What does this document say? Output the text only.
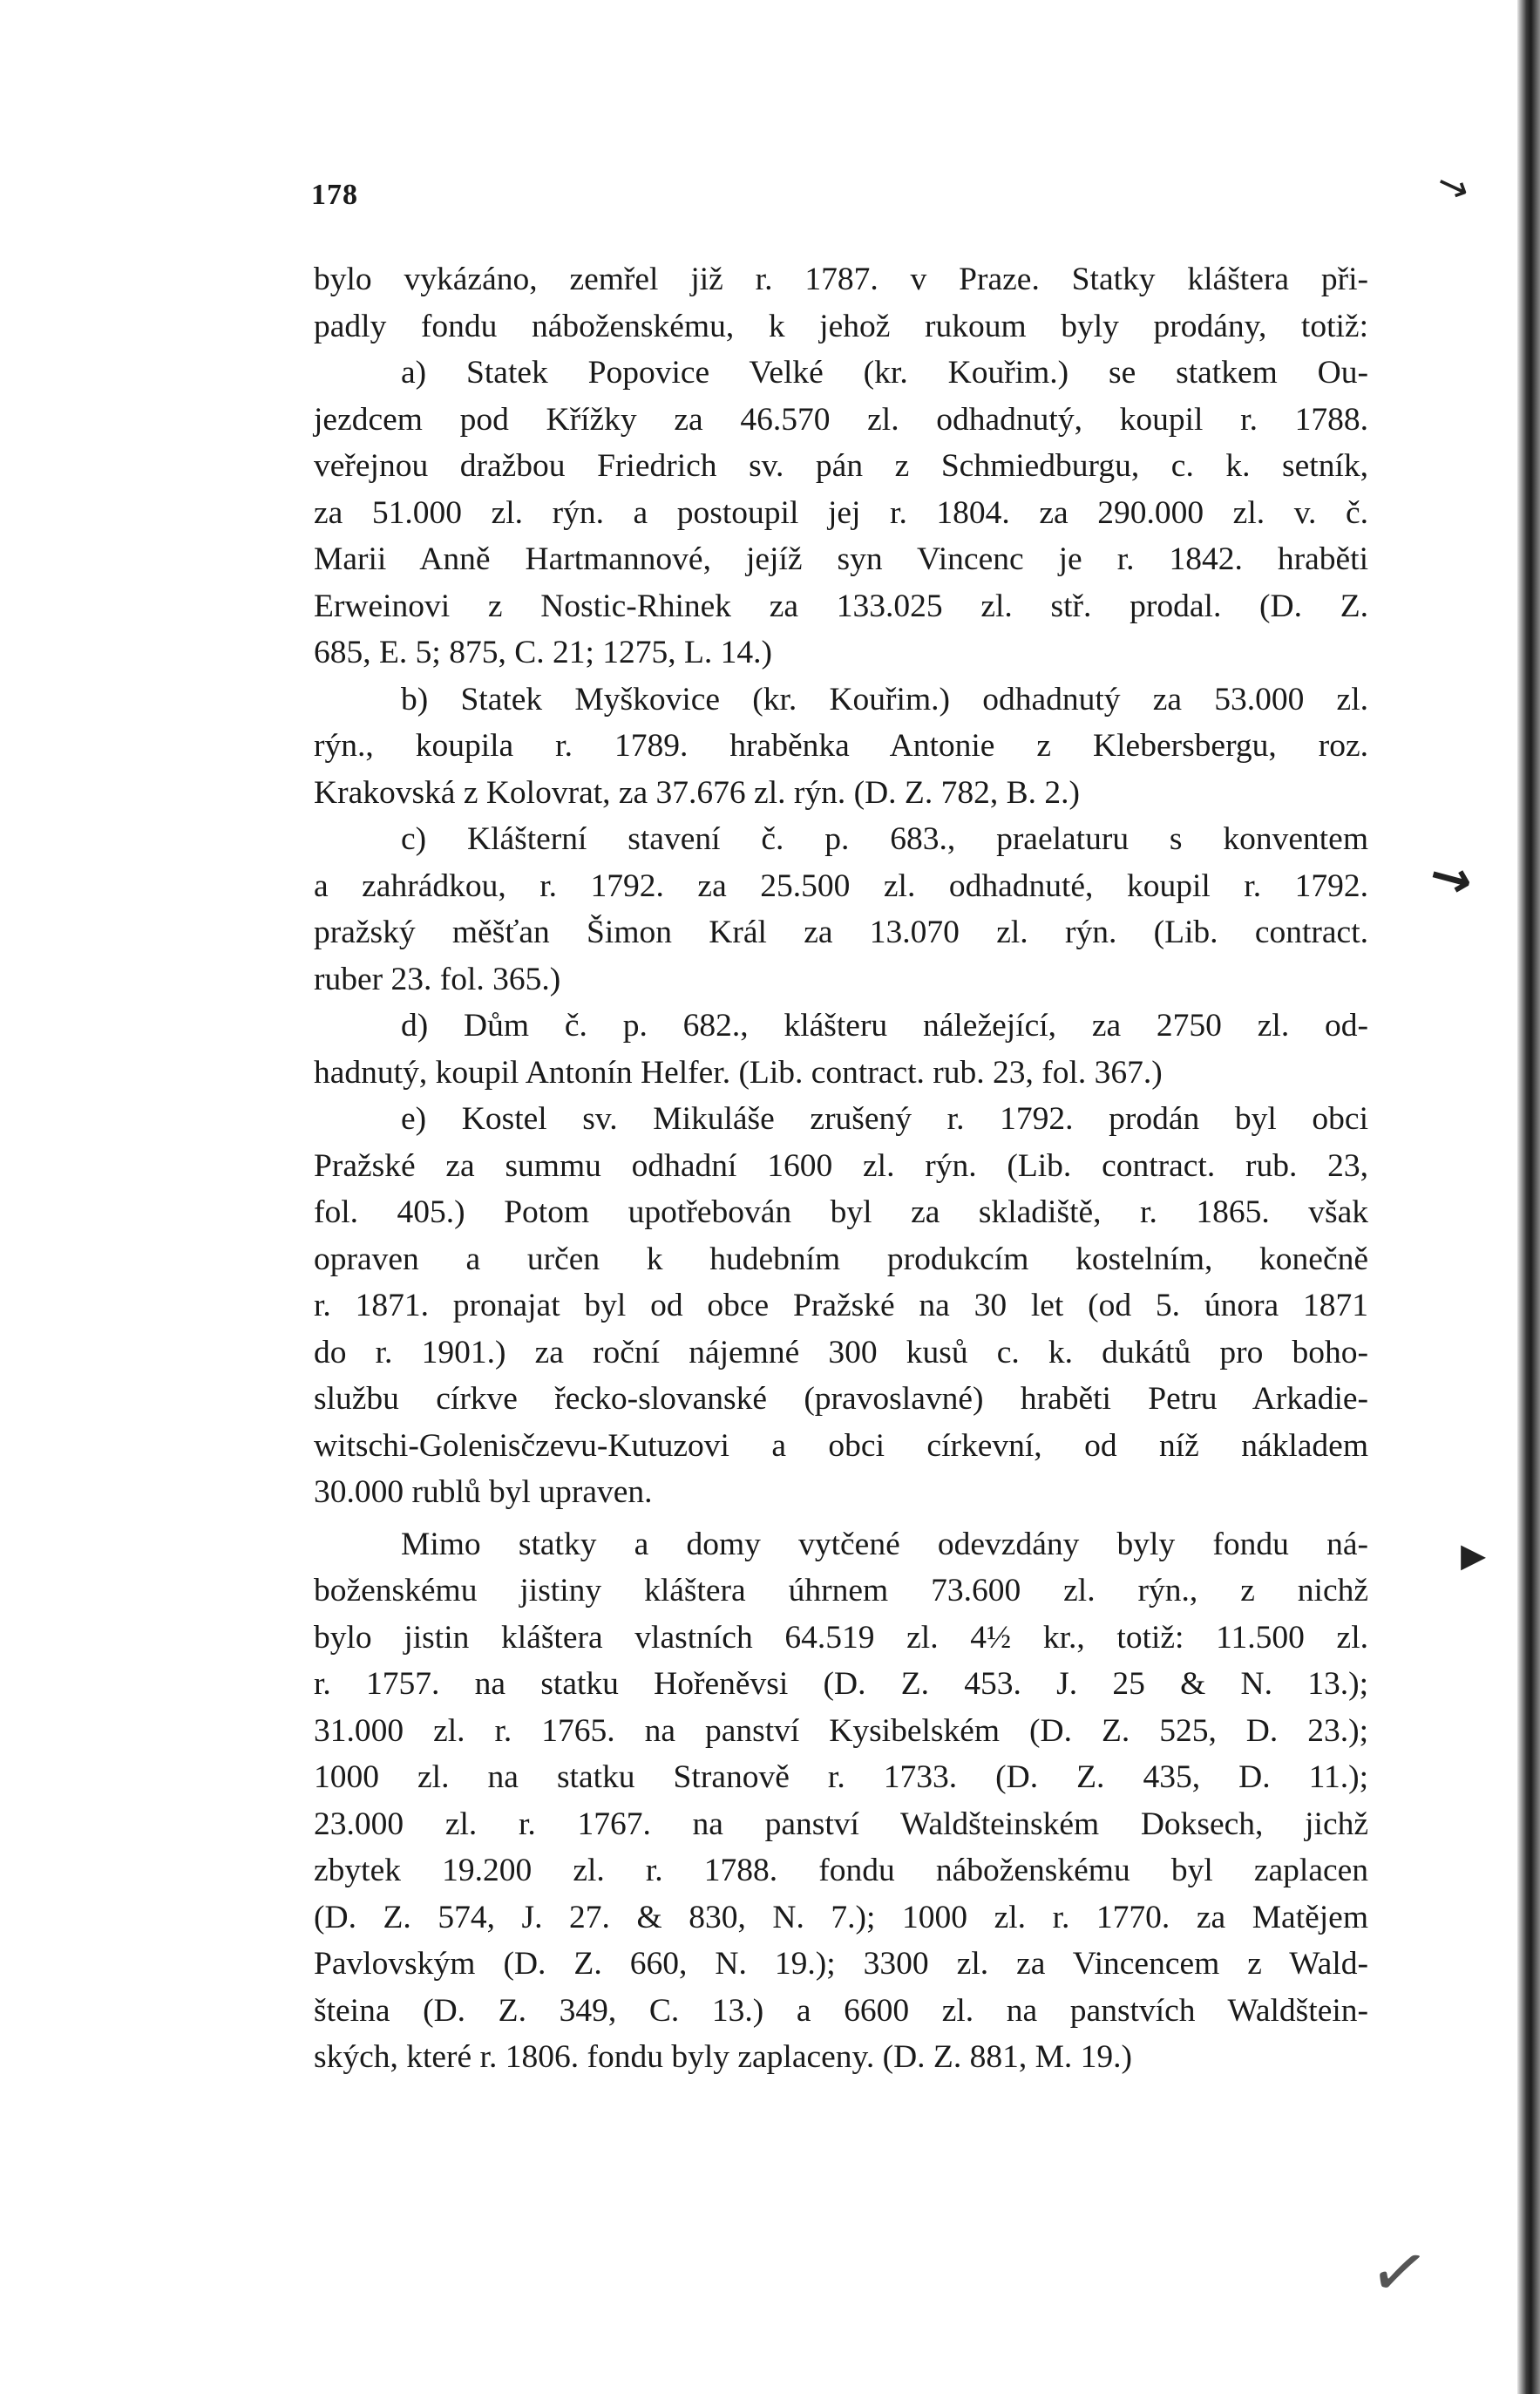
178
bylo vykázáno, zemřel již r. 1787. v Praze. Statky kláštera při-
padly fondu náboženskému, k jehož rukoum byly prodány, totiž:
a) Statek Popovice Velké (kr. Kouřim.) se statkem Ou-
jezdcem pod Křížky za 46.570 zl. odhadnutý, koupil r. 1788.
veřejnou dražbou Friedrich sv. pán z Schmiedburgu, c. k. setník,
za 51.000 zl. rýn. a postoupil jej r. 1804. za 290.000 zl. v. č.
Marii Anně Hartmannové, jejíž syn Vincenc je r. 1842. hraběti
Erweinovi z Nostic-Rhinek za 133.025 zl. stř. prodal. (D. Z.
685, E. 5; 875, C. 21; 1275, L. 14.)
b) Statek Myškovice (kr. Kouřim.) odhadnutý za 53.000 zl.
rýn., koupila r. 1789. hraběnka Antonie z Klebersbergu, roz.
Krakovská z Kolovrat, za 37.676 zl. rýn. (D. Z. 782, B. 2.)
c) Klášterní stavení č. p. 683., praelaturu s konventem
a zahrádkou, r. 1792. za 25.500 zl. odhadnuté, koupil r. 1792.
pražský měšťan Šimon Král za 13.070 zl. rýn. (Lib. contract.
ruber 23. fol. 365.)
d) Dům č. p. 682., klášteru náležející, za 2750 zl. od-
hadnutý, koupil Antonín Helfer. (Lib. contract. rub. 23, fol. 367.)
e) Kostel sv. Mikuláše zrušený r. 1792. prodán byl obci
Pražské za summu odhadní 1600 zl. rýn. (Lib. contract. rub. 23,
fol. 405.) Potom upotřebován byl za skladiště, r. 1865. však
opraven a určen k hudebním produkcím kostelním, konečně
r. 1871. pronajat byl od obce Pražské na 30 let (od 5. února 1871
do r. 1901.) za roční nájemné 300 kusů c. k. dukátů pro boho-
službu církve řecko-slovanské (pravoslavné) hraběti Petru Arkadie-
witschi-Golenisčzevu-Kutuzovi a obci církevní, od níž nákladem
30.000 rublů byl upraven.
Mimo statky a domy vytčené odevzdány byly fondu ná-
boženskému jistiny kláštera úhrnem 73.600 zl. rýn., z nichž
bylo jistin kláštera vlastních 64.519 zl. 4½ kr., totiž: 11.500 zl.
r. 1757. na statku Hořeněvsi (D. Z. 453. J. 25 & N. 13.);
31.000 zl. r. 1765. na panství Kysibelském (D. Z. 525, D. 23.);
1000 zl. na statku Stranově r. 1733. (D. Z. 435, D. 11.);
23.000 zl. r. 1767. na panství Waldšteinském Doksech, jichž
zbytek 19.200 zl. r. 1788. fondu náboženskému byl zaplacen
(D. Z. 574, J. 27. & 830, N. 7.); 1000 zl. r. 1770. za Matějem
Pavlovským (D. Z. 660, N. 19.); 3300 zl. za Vincencem z Wald-
šteina (D. Z. 349, C. 13.) a 6600 zl. na panstvích Waldštein-
ských, které r. 1806. fondu byly zaplaceny. (D. Z. 881, M. 19.)
↘
↘
▸
✓
